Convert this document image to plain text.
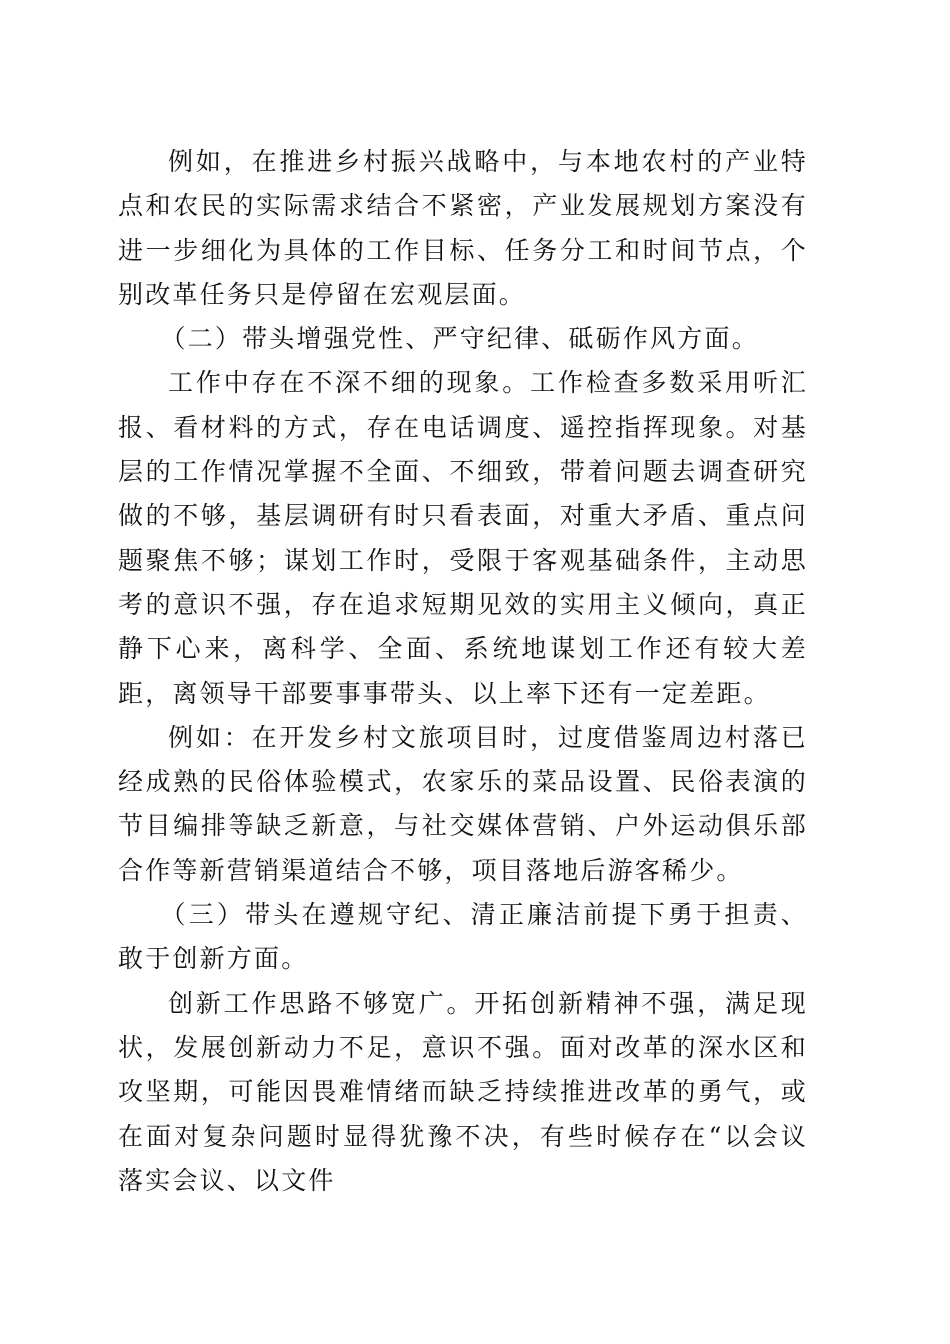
例如，在推进乡村振兴战略中，与本地农村的产业特点和农民的实际需求结合不紧密，产业发展规划方案没有进一步细化为具体的工作目标、任务分工和时间节点，个别改革任务只是停留在宏观层面。

（二）带头增强党性、严守纪律、砥砺作风方面。

工作中存在不深不细的现象。工作检查多数采用听汇报、看材料的方式，存在电话调度、遥控指挥现象。对基层的工作情况掌握不全面、不细致，带着问题去调查研究做的不够，基层调研有时只看表面，对重大矛盾、重点问题聚焦不够；谋划工作时，受限于客观基础条件，主动思考的意识不强，存在追求短期见效的实用主义倾向，真正静下心来，离科学、全面、系统地谋划工作还有较大差距，离领导干部要事事带头、以上率下还有一定差距。

例如：在开发乡村文旅项目时，过度借鉴周边村落已经成熟的民俗体验模式，农家乐的菜品设置、民俗表演的节目编排等缺乏新意，与社交媒体营销、户外运动俱乐部合作等新营销渠道结合不够，项目落地后游客稀少。

（三）带头在遵规守纪、清正廉洁前提下勇于担责、敢于创新方面。

创新工作思路不够宽广。开拓创新精神不强，满足现状，发展创新动力不足，意识不强。面对改革的深水区和攻坚期，可能因畏难情绪而缺乏持续推进改革的勇气，或在面对复杂问题时显得犹豫不决，有些时候存在“以会议落实会议、以文件
